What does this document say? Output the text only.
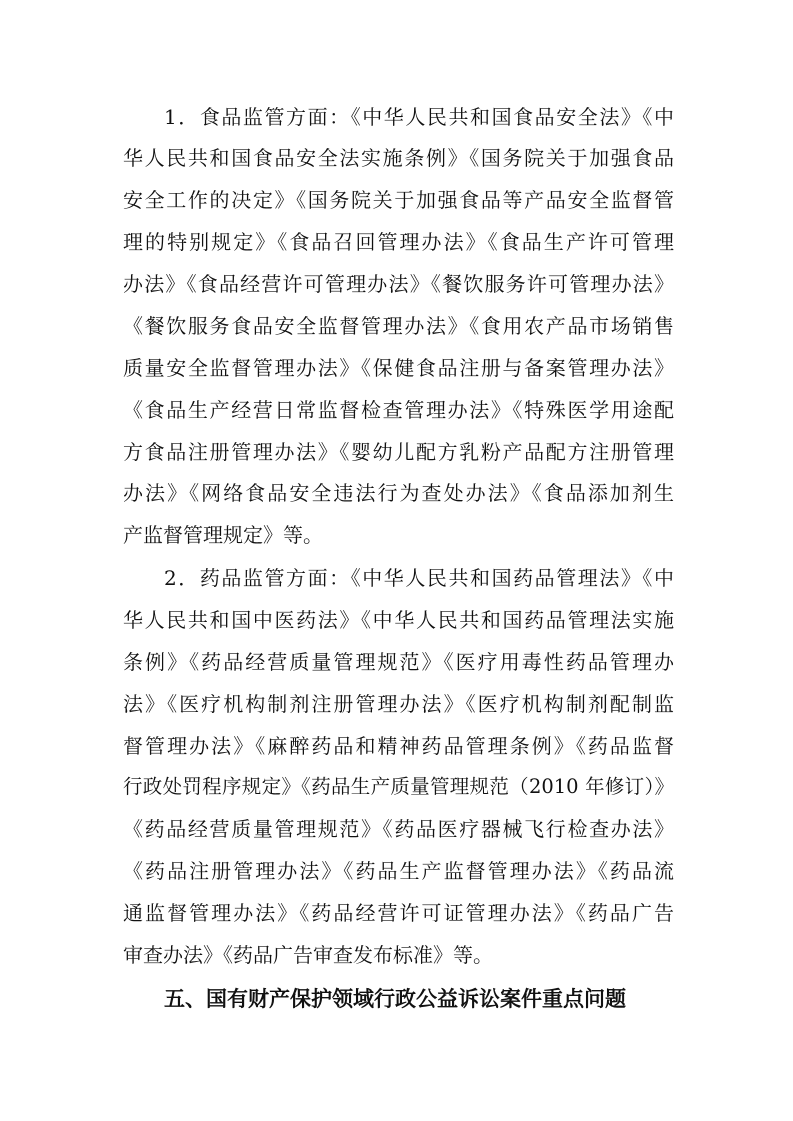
1．食品监管方面：《中华人民共和国食品安全法》《中
华人民共和国食品安全法实施条例》《国务院关于加强食品
安全工作的决定》《国务院关于加强食品等产品安全监督管
理的特别规定》《食品召回管理办法》《食品生产许可管理
办法》《食品经营许可管理办法》《餐饮服务许可管理办法》
《餐饮服务食品安全监督管理办法》《食用农产品市场销售
质量安全监督管理办法》《保健食品注册与备案管理办法》
《食品生产经营日常监督检查管理办法》《特殊医学用途配
方食品注册管理办法》《婴幼儿配方乳粉产品配方注册管理
办法》《网络食品安全违法行为查处办法》《食品添加剂生
产监督管理规定》等。
2．药品监管方面：《中华人民共和国药品管理法》《中
华人民共和国中医药法》《中华人民共和国药品管理法实施
条例》《药品经营质量管理规范》《医疗用毒性药品管理办
法》《医疗机构制剂注册管理办法》《医疗机构制剂配制监
督管理办法》《麻醉药品和精神药品管理条例》《药品监督
行政处罚程序规定》《药品生产质量管理规范（2010 年修订）》
《药品经营质量管理规范》《药品医疗器械飞行检查办法》
《药品注册管理办法》《药品生产监督管理办法》《药品流
通监督管理办法》《药品经营许可证管理办法》《药品广告
审查办法》《药品广告审查发布标准》等。
五、国有财产保护领域行政公益诉讼案件重点问题
